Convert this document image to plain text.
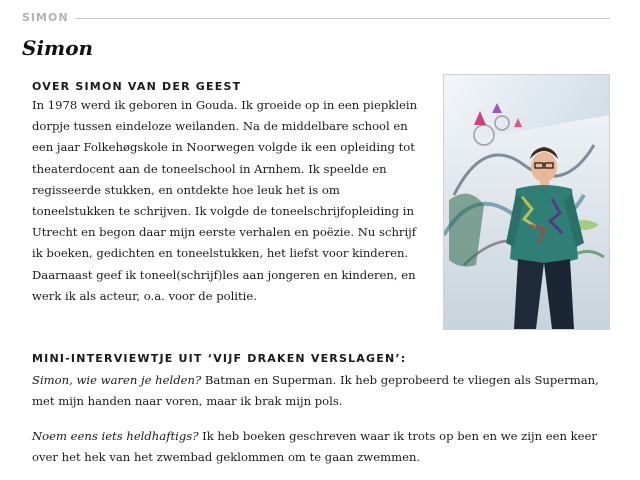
SIMON
Simon
OVER SIMON VAN DER GEEST

In 1978 werd ik geboren in Gouda. Ik groeide op in een piepklein dorpje tussen eindeloze weilanden. Na de middelbare school en een jaar Folkehøgskole in Noorwegen volgde ik een opleiding tot theaterdocent aan de toneelschool in Arnhem. Ik speelde en regisseerde stukken, en ontdekte hoe leuk het is om toneelstukken te schrijven. Ik volgde de toneelschrijfopleiding in Utrecht en begon daar mijn eerste verhalen en poëzie. Nu schrijf ik boeken, gedichten en toneelstukken, het liefst voor kinderen. Daarnaast geef ik toneel(schrijf)les aan jongeren en kinderen, en werk ik als acteur, o.a. voor de politie.

MINI-INTERVIEWTJE UIT ‘VIJF DRAKEN VERSLAGEN’:

Simon, wie waren je helden? Batman en Superman. Ik heb geprobeerd te vliegen als Superman, met mijn handen naar voren, maar ik brak mijn pols.

Noem eens iets heldhaftigs? Ik heb boeken geschreven waar ik trots op ben en we zijn een keer over het hek van het zwembad geklommen om te gaan zwemmen.
